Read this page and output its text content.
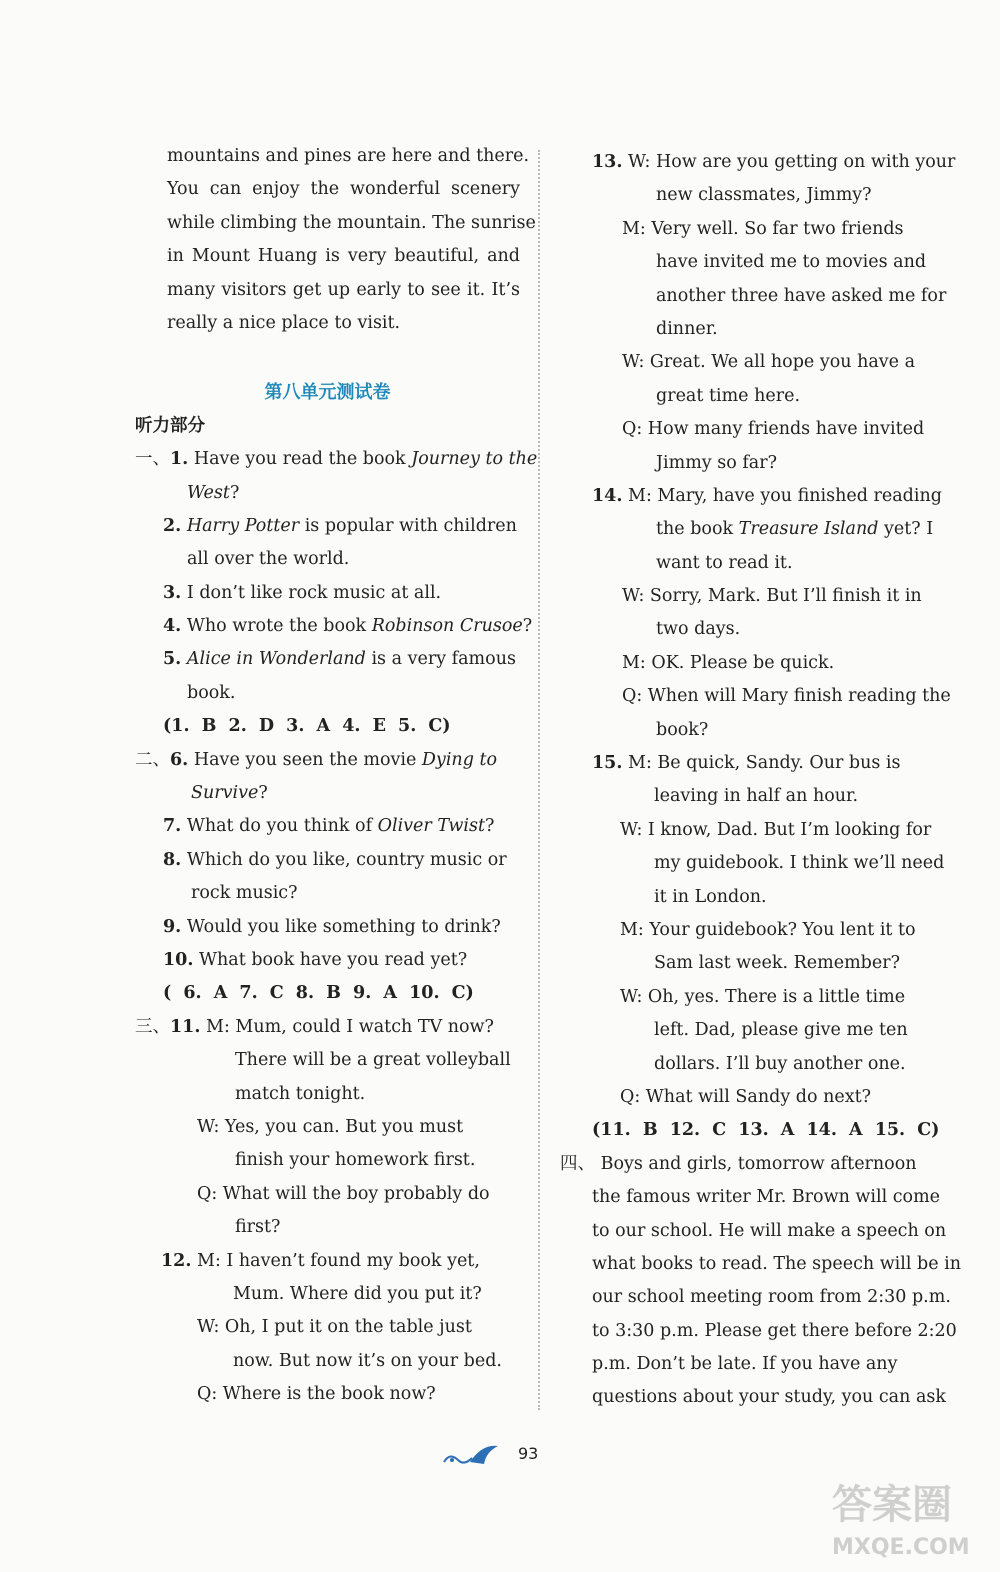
mountains and pines are here and there.
You can enjoy the wonderful scenery
while climbing the mountain. The sunrise
in Mount Huang is very beautiful, and
many visitors get up early to see it. It’s
really a nice place to visit.
第八单元测试卷
听力部分
一、1. Have you read the book Journey to the
West?
2. Harry Potter is popular with children
all over the world.
3. I don’t like rock music at all.
4. Who wrote the book Robinson Crusoe?
5. Alice in Wonderland is a very famous
book.
(1. B 2. D 3. A 4. E 5. C)
二、6. Have you seen the movie Dying to
Survive?
7. What do you think of Oliver Twist?
8. Which do you like, country music or
rock music?
9. Would you like something to drink?
10. What book have you read yet?
( 6. A 7. C 8. B 9. A 10. C)
三、11. M: Mum, could I watch TV now?
There will be a great volleyball
match tonight.
W: Yes, you can. But you must
finish your homework first.
Q: What will the boy probably do
first?
12. M: I haven’t found my book yet,
Mum. Where did you put it?
W: Oh, I put it on the table just
now. But now it’s on your bed.
Q: Where is the book now?
13. W: How are you getting on with your
new classmates, Jimmy?
M: Very well. So far two friends
have invited me to movies and
another three have asked me for
dinner.
W: Great. We all hope you have a
great time here.
Q: How many friends have invited
Jimmy so far?
14. M: Mary, have you finished reading
the book Treasure Island yet? I
want to read it.
W: Sorry, Mark. But I’ll finish it in
two days.
M: OK. Please be quick.
Q: When will Mary finish reading the
book?
15. M: Be quick, Sandy. Our bus is
leaving in half an hour.
W: I know, Dad. But I’m looking for
my guidebook. I think we’ll need
it in London.
M: Your guidebook? You lent it to
Sam last week. Remember?
W: Oh, yes. There is a little time
left. Dad, please give me ten
dollars. I’ll buy another one.
Q: What will Sandy do next?
(11. B 12. C 13. A 14. A 15. C)
四、 Boys and girls, tomorrow afternoon
the famous writer Mr. Brown will come
to our school. He will make a speech on
what books to read. The speech will be in
our school meeting room from 2:30 p.m.
to 3:30 p.m. Please get there before 2:20
p.m. Don’t be late. If you have any
questions about your study, you can ask
93
答案圈
MXQE.COM
